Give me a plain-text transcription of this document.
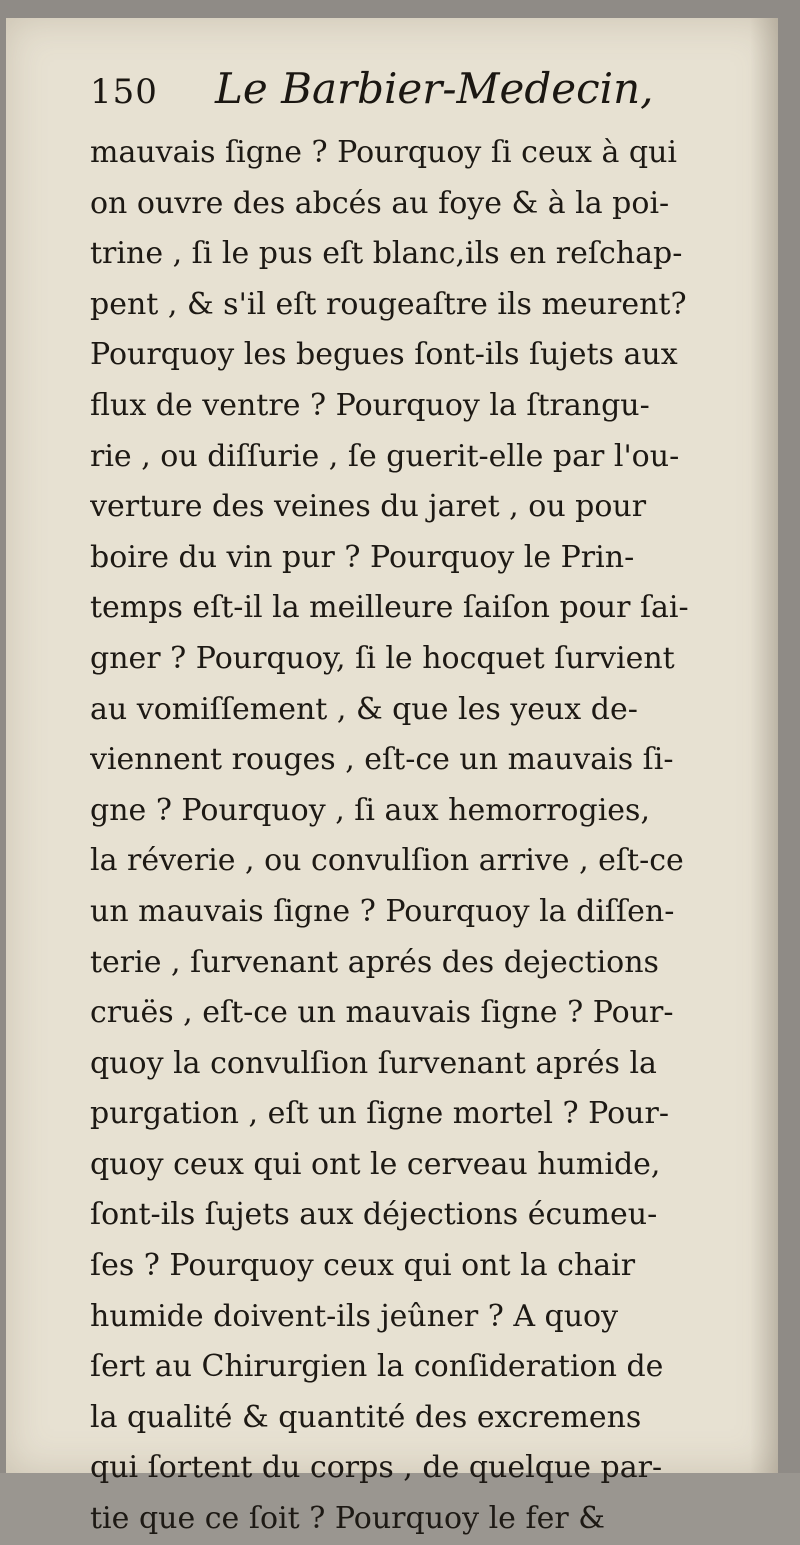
150 Le Barbier-Medecin,
mauvais ſigne ? Pourquoy ſi ceux à qui
on ouvre des abcés au foye & à la poi-
trine , ſi le pus eſt blanc,ils en reſchap-
pent , & s'il eſt rougeaſtre ils meurent?
Pourquoy les begues ſont-ils ſujets aux
flux de ventre ? Pourquoy la ſtrangu-
rie , ou diſſurie , ſe guerit-elle par l'ou-
verture des veines du jaret , ou pour
boire du vin pur ? Pourquoy le Prin-
temps eſt-il la meilleure ſaiſon pour ſai-
gner ? Pourquoy, ſi le hocquet ſurvient
au vomiſſement , & que les yeux de-
viennent rouges , eſt-ce un mauvais ſi-
gne ? Pourquoy , ſi aux hemorrogies,
la réverie , ou convulſion arrive , eſt-ce
un mauvais ſigne ? Pourquoy la diſſen-
terie , ſurvenant aprés des dejections
cruës , eſt-ce un mauvais ſigne ? Pour-
quoy la convulſion ſurvenant aprés la
purgation , eſt un ſigne mortel ? Pour-
quoy ceux qui ont le cerveau humide,
ſont-ils ſujets aux déjections écumeu-
ſes ? Pourquoy ceux qui ont la chair
humide doivent-ils jeûner ? A quoy
ſert au Chirurgien la conſideration de
la qualité & quantité des excremens
qui ſortent du corps , de quelque par-
tie que ce ſoit ? Pourquoy le fer &
